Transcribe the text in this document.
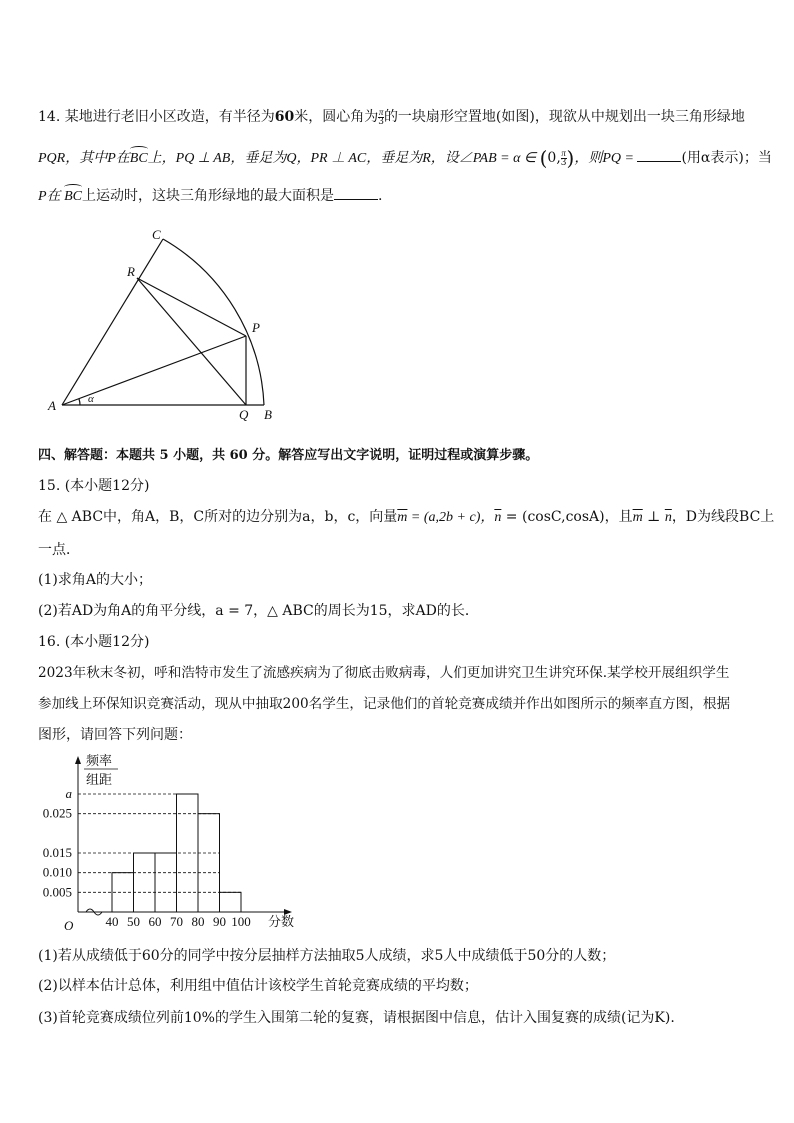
14. 某地进行老旧小区改造，有半径为60米，圆心角为 $\frac{\pi}{3}$ 的一块扇形空置地(如图)，现欲从中规划出一块三角形绿地
PQR，其中P在BC上，PQ ⊥ AB，垂足为Q，PR ⊥ AC，垂足为R，设∠PAB = α ∈ (0, $\frac{\pi}{3}$ )，则PQ =	(用α表示)；当
P在 BC上运动时，这块三角形绿地的最大面积是	.
C
R
P
A	α
Q B
四、解答题：本题共 5 小题，共 60 分。解答应写出文字说明，证明过程或演算步骤。
15. (本小题12分)
在 △ ABC中，角A，B，C所对的边分别为a，b，c，向量$\overline{m} = (a,2b + c)$，$\overline{n} = (\cos C,\cos A)$，且$\overline{m}$ ⊥ $\overline{n}$，D为线段BC上
一点．
(1)求角A的大小；
(2)若AD为角A的角平分线，a = 7，△ ABC的周长为15，求AD的长．
16. (本小题12分)
2023年秋末冬初，呼和浩特市发生了流感疾病为了彻底击败病毒，人们更加讲究卫生讲究环保.某学校开展组织学生
参加线上环保知识竞赛活动，现从中抽取200名学生，记录他们的首轮竞赛成绩并作出如图所示的频率直方图，根据
图形，请回答下列问题：
0.005
0.010
0.015
0.025
a
40 50 60 70 80 90 100
频率
组距
O	分数
(1)若从成绩低于60分的同学中按分层抽样方法抽取5人成绩，求5人中成绩低于50分的人数；
(2)以样本估计总体，利用组中值估计该校学生首轮竞赛成绩的平均数；
(3)首轮竞赛成绩位列前10%的学生入围第二轮的复赛，请根据图中信息，估计入围复赛的成绩(记为K).
